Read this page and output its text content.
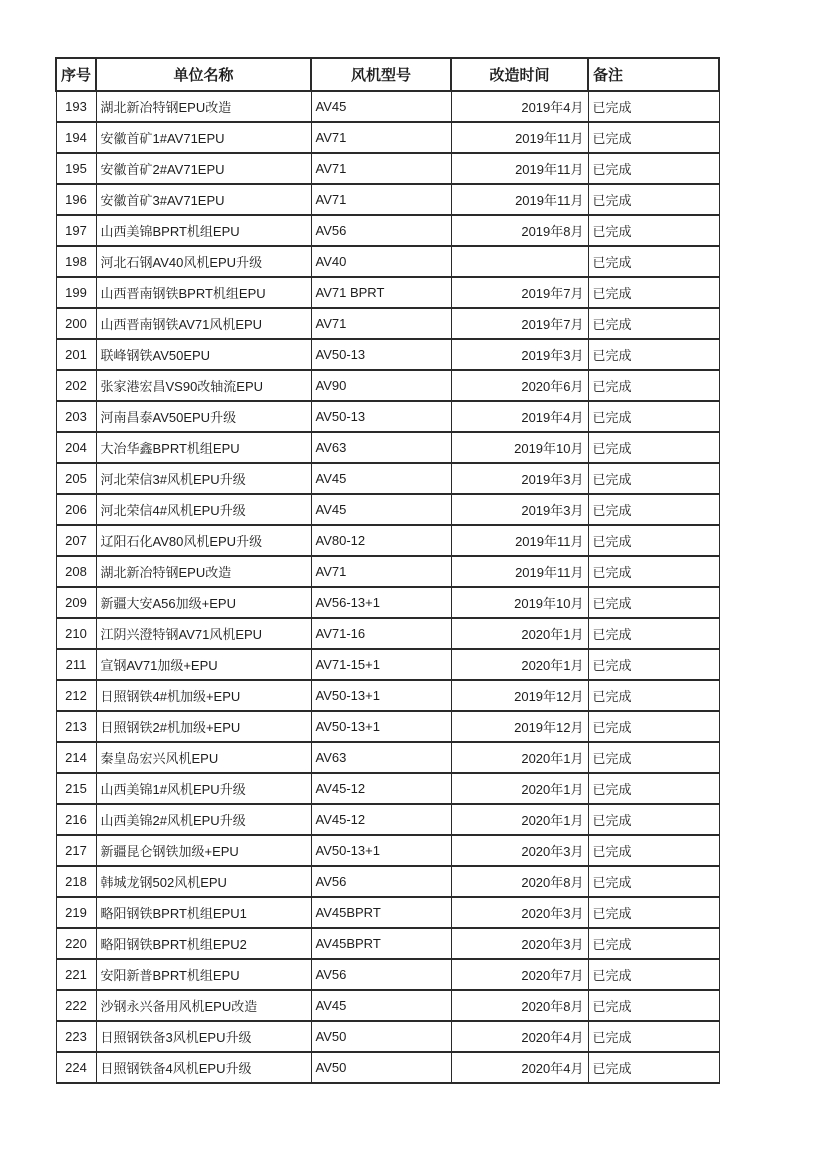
序号	单位名称	风机型号	改造时间	备注
193	湖北新冶特钢EPU改造	AV45	2019年4月	已完成
194	安徽首矿1#AV71EPU	AV71	2019年11月	已完成
195	安徽首矿2#AV71EPU	AV71	2019年11月	已完成
196	安徽首矿3#AV71EPU	AV71	2019年11月	已完成
197	山西美锦BPRT机组EPU	AV56	2019年8月	已完成
198	河北石钢AV40风机EPU升级	AV40		已完成
199	山西晋南钢铁BPRT机组EPU	AV71 BPRT	2019年7月	已完成
200	山西晋南钢铁AV71风机EPU	AV71	2019年7月	已完成
201	联峰钢铁AV50EPU	AV50-13	2019年3月	已完成
202	张家港宏昌VS90改轴流EPU	AV90	2020年6月	已完成
203	河南昌泰AV50EPU升级	AV50-13	2019年4月	已完成
204	大冶华鑫BPRT机组EPU	AV63	2019年10月	已完成
205	河北荣信3#风机EPU升级	AV45	2019年3月	已完成
206	河北荣信4#风机EPU升级	AV45	2019年3月	已完成
207	辽阳石化AV80风机EPU升级	AV80-12	2019年11月	已完成
208	湖北新冶特钢EPU改造	AV71	2019年11月	已完成
209	新疆大安A56加级+EPU	AV56-13+1	2019年10月	已完成
210	江阴兴澄特钢AV71风机EPU	AV71-16	2020年1月	已完成
211	宣钢AV71加级+EPU	AV71-15+1	2020年1月	已完成
212	日照钢铁4#机加级+EPU	AV50-13+1	2019年12月	已完成
213	日照钢铁2#机加级+EPU	AV50-13+1	2019年12月	已完成
214	秦皇岛宏兴风机EPU	AV63	2020年1月	已完成
215	山西美锦1#风机EPU升级	AV45-12	2020年1月	已完成
216	山西美锦2#风机EPU升级	AV45-12	2020年1月	已完成
217	新疆昆仑钢铁加级+EPU	AV50-13+1	2020年3月	已完成
218	韩城龙钢502风机EPU	AV56	2020年8月	已完成
219	略阳钢铁BPRT机组EPU1	AV45BPRT	2020年3月	已完成
220	略阳钢铁BPRT机组EPU2	AV45BPRT	2020年3月	已完成
221	安阳新普BPRT机组EPU	AV56	2020年7月	已完成
222	沙钢永兴备用风机EPU改造	AV45	2020年8月	已完成
223	日照钢铁备3风机EPU升级	AV50	2020年4月	已完成
224	日照钢铁备4风机EPU升级	AV50	2020年4月	已完成
